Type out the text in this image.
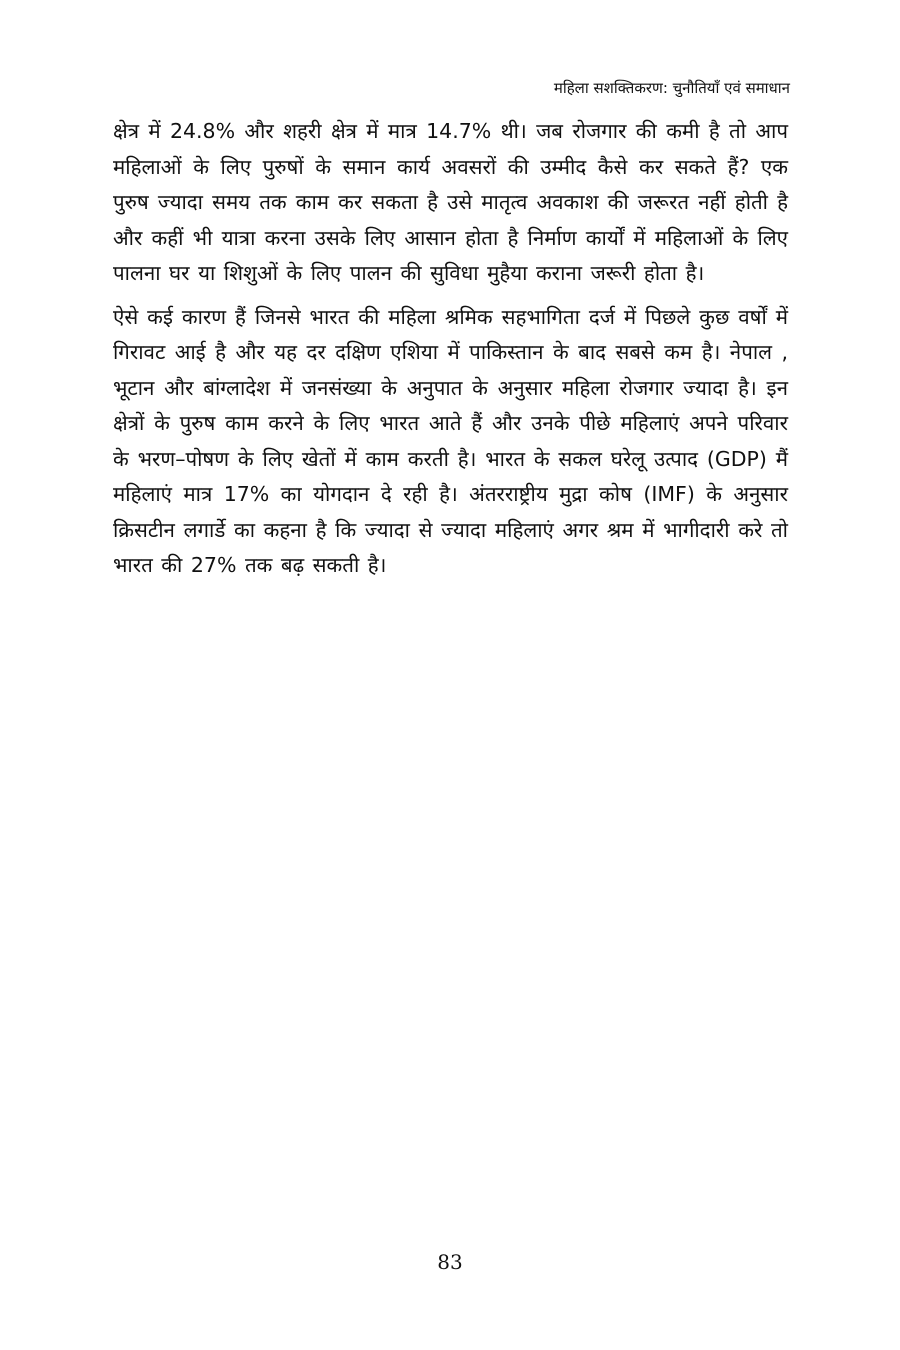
महिला सशक्तिकरण: चुनौतियाँ एवं समाधान

क्षेत्र में 24.8% और शहरी क्षेत्र में मात्र 14.7% थी। जब रोजगार की कमी है तो आप महिलाओं के लिए पुरुषों के समान कार्य अवसरों की उम्मीद कैसे कर सकते हैं? एक पुरुष ज्यादा समय तक काम कर सकता है उसे मातृत्व अवकाश की जरूरत नहीं होती है और कहीं भी यात्रा करना उसके लिए आसान होता है निर्माण कार्यों में महिलाओं के लिए पालना घर या शिशुओं के लिए पालन की सुविधा मुहैया कराना जरूरी होता है।

ऐसे कई कारण हैं जिनसे भारत की महिला श्रमिक सहभागिता दर्ज में पिछले कुछ वर्षों में गिरावट आई है और यह दर दक्षिण एशिया में पाकिस्तान के बाद सबसे कम है। नेपाल , भूटान और बांग्लादेश में जनसंख्या के अनुपात के अनुसार महिला रोजगार ज्यादा है। इन क्षेत्रों के पुरुष काम करने के लिए भारत आते हैं और उनके पीछे महिलाएं अपने परिवार के भरण–पोषण के लिए खेतों में काम करती है। भारत के सकल घरेलू उत्पाद (GDP) मैं महिलाएं मात्र 17% का योगदान दे रही है। अंतरराष्ट्रीय मुद्रा कोष (IMF) के अनुसार क्रिसटीन लगार्डे का कहना है कि ज्यादा से ज्यादा महिलाएं अगर श्रम में भागीदारी करे तो भारत की 27% तक बढ़ सकती है।

83
